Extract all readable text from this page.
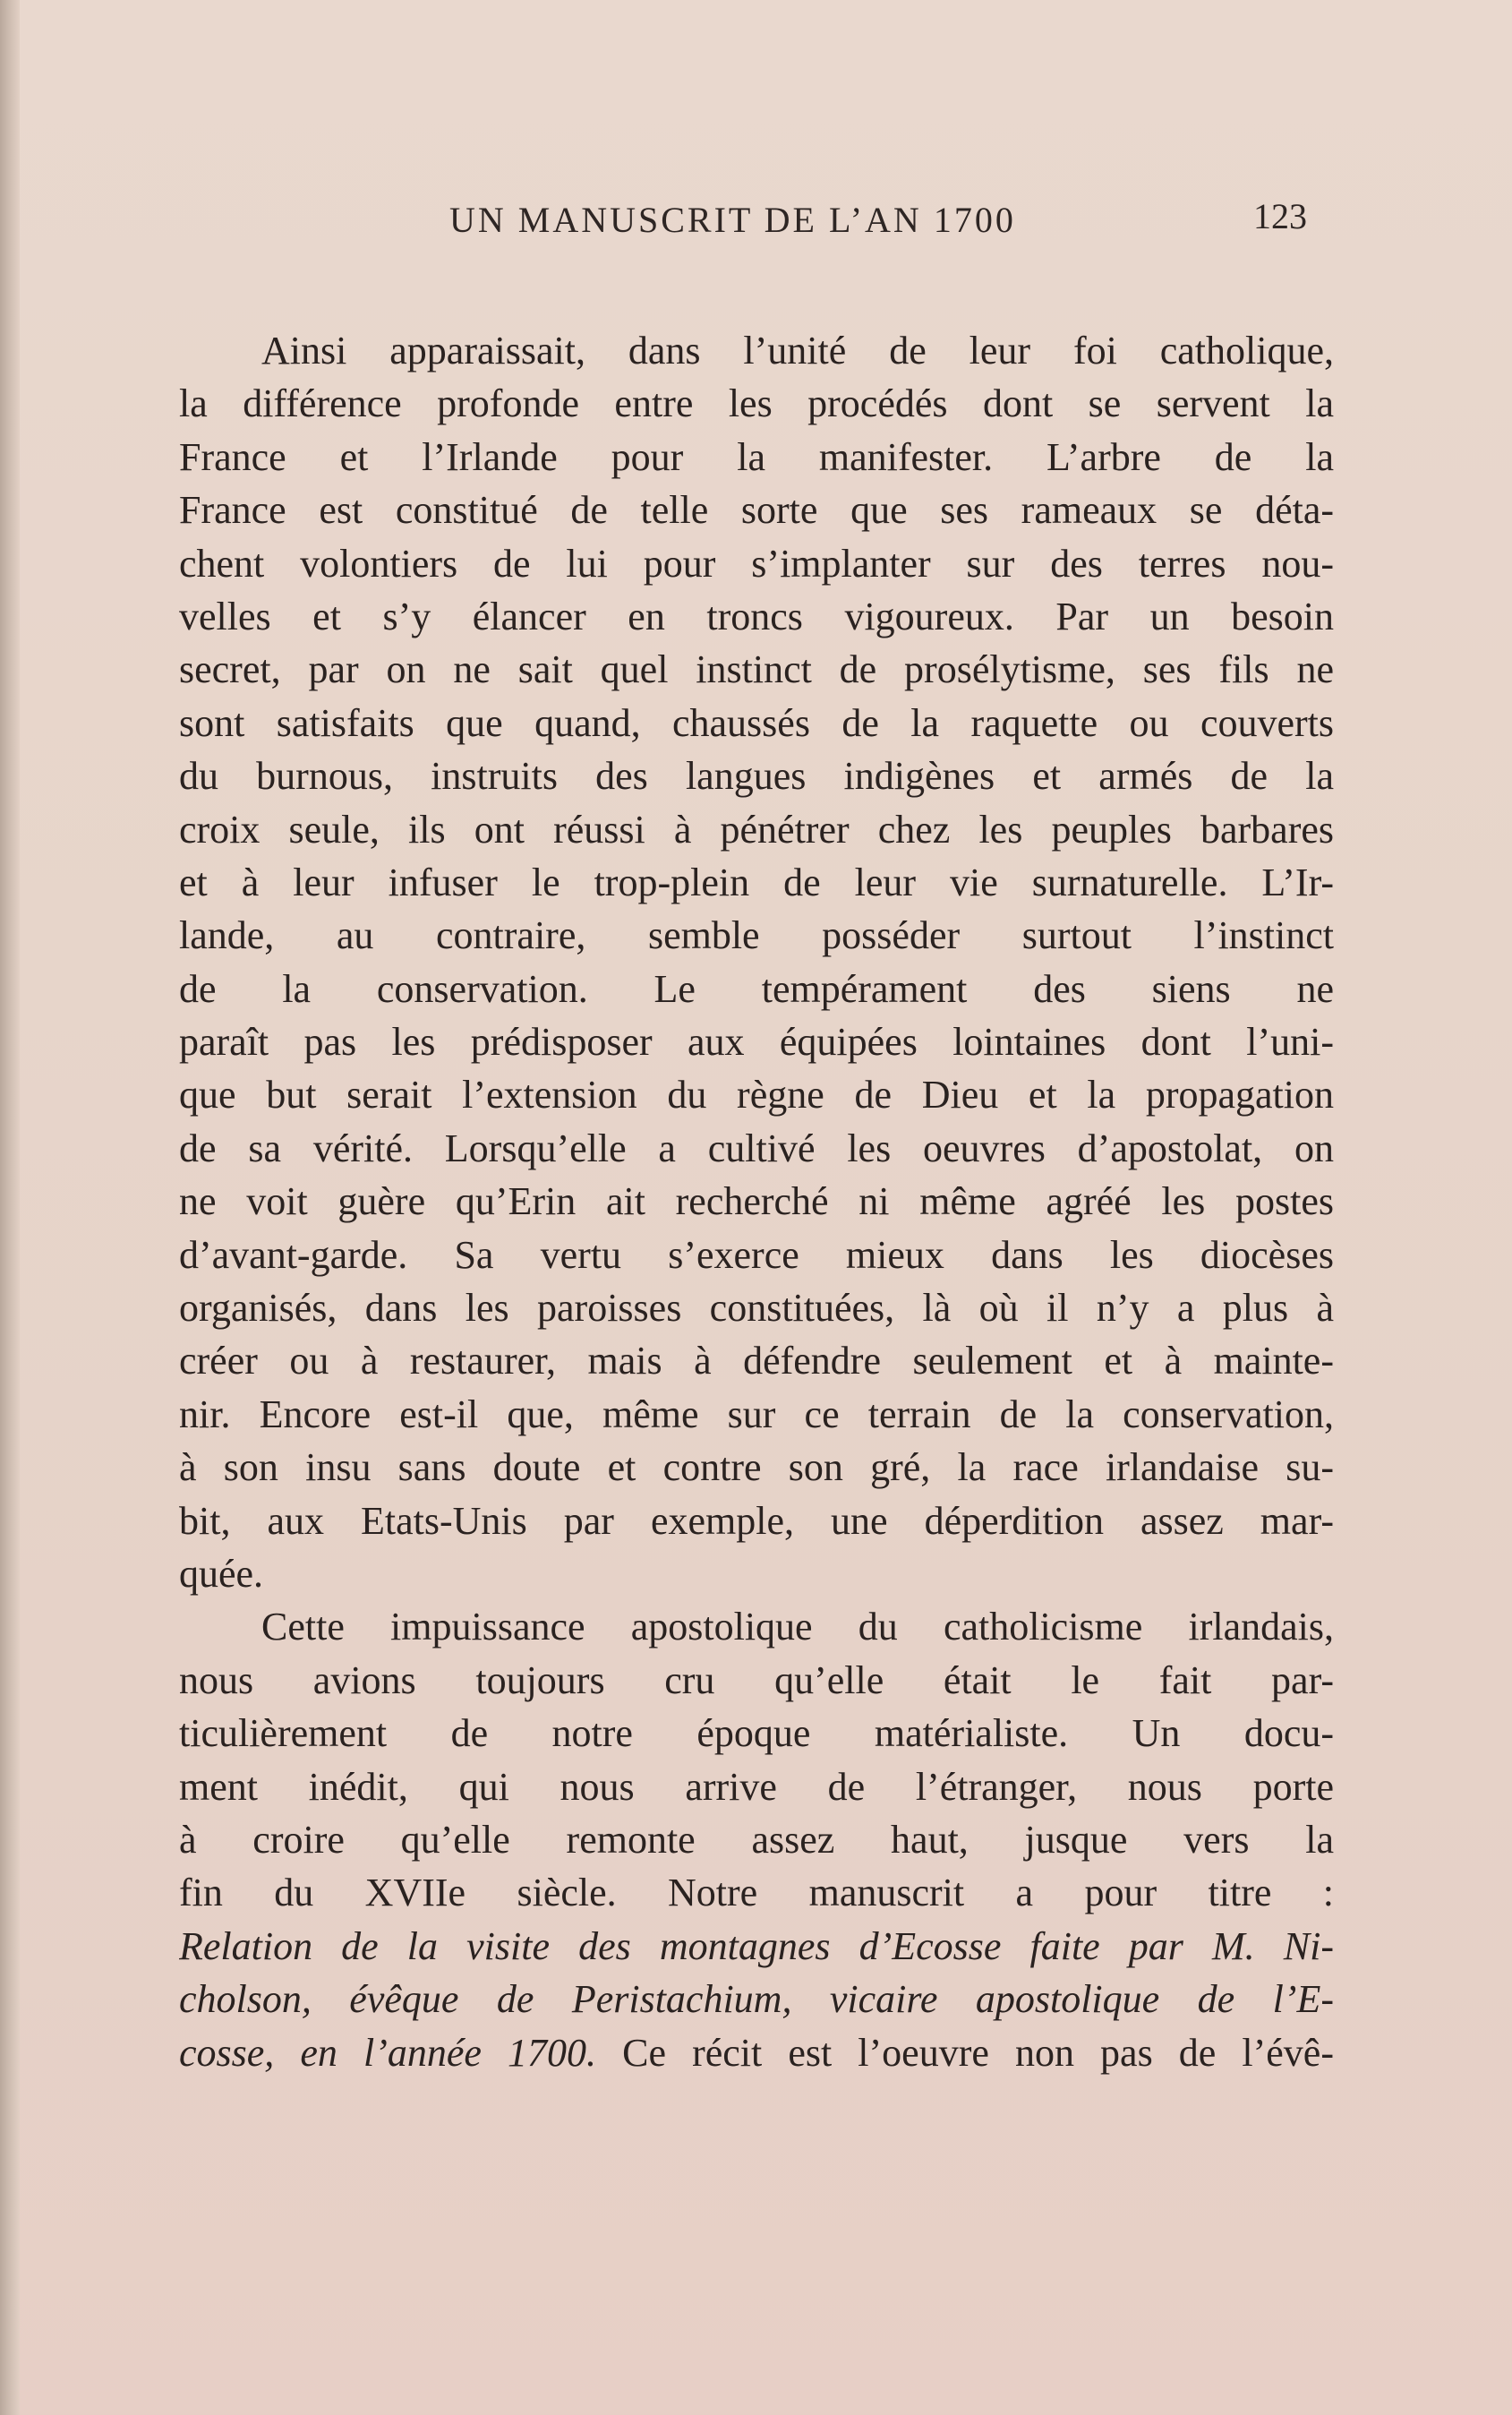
UN MANUSCRIT DE L’AN 1700	123
Ainsi apparaissait, dans l’unité de leur foi catholique,
la différence profonde entre les procédés dont se servent la
France et l’Irlande pour la manifester. L’arbre de la
France est constitué de telle sorte que ses rameaux se déta-
chent volontiers de lui pour s’implanter sur des terres nou-
velles et s’y élancer en troncs vigoureux. Par un besoin
secret, par on ne sait quel instinct de prosélytisme, ses fils ne
sont satisfaits que quand, chaussés de la raquette ou couverts
du burnous, instruits des langues indigènes et armés de la
croix seule, ils ont réussi à pénétrer chez les peuples barbares
et à leur infuser le trop-plein de leur vie surnaturelle. L’Ir-
lande, au contraire, semble posséder surtout l’instinct
de la conservation. Le tempérament des siens ne
paraît pas les prédisposer aux équipées lointaines dont l’uni-
que but serait l’extension du règne de Dieu et la propagation
de sa vérité. Lorsqu’elle a cultivé les oeuvres d’apostolat, on
ne voit guère qu’Erin ait recherché ni même agréé les postes
d’avant-garde. Sa vertu s’exerce mieux dans les diocèses
organisés, dans les paroisses constituées, là où il n’y a plus à
créer ou à restaurer, mais à défendre seulement et à mainte-
nir. Encore est-il que, même sur ce terrain de la conservation,
à son insu sans doute et contre son gré, la race irlandaise su-
bit, aux Etats-Unis par exemple, une déperdition assez mar-
quée.
Cette impuissance apostolique du catholicisme irlandais,
nous avions toujours cru qu’elle était le fait par-
ticulièrement de notre époque matérialiste. Un docu-
ment inédit, qui nous arrive de l’étranger, nous porte
à croire qu’elle remonte assez haut, jusque vers la
fin du XVIIe siècle. Notre manuscrit a pour titre :
Relation de la visite des montagnes d’Ecosse faite par M. Ni-
cholson, évêque de Peristachium, vicaire apostolique de l’E-
cosse, en l’année 1700. Ce récit est l’oeuvre non pas de l’évê-
